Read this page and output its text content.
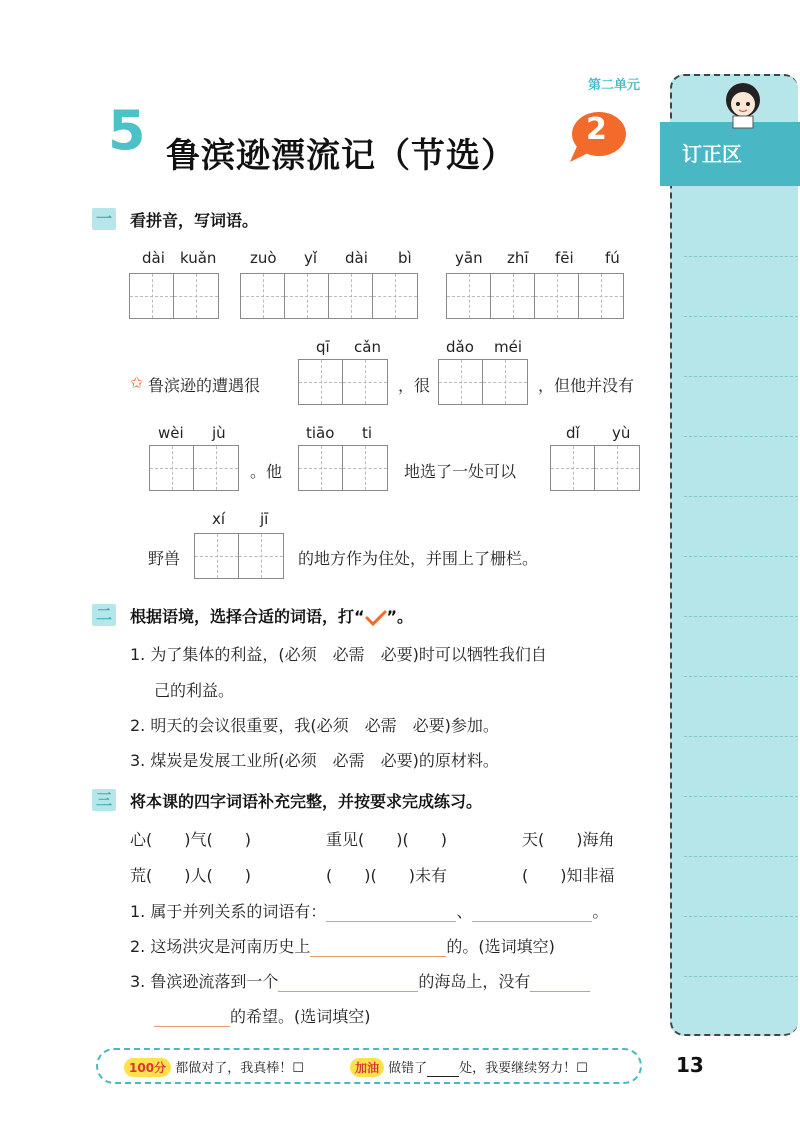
订正区
第二单元
5 鲁滨逊漂流记（节选）
2
一 看拼音，写词语。
dài kuǎn zuò yǐ dài bì	yān zhī fēi fú
qī cǎn	dǎo méi
✩ 鲁滨逊的遭遇很	，很	，但他并没有
wèi jù	tiāo ti	dǐ yù
。他	地选了一处可以
xí jī
野兽	的地方作为住处，并围上了栅栏。
二 根据语境，选择合适的词语，打“ ”。
1. 为了集体的利益，(必须　必需　必要)时可以牺牲我们自
己的利益。
2. 明天的会议很重要，我(必须　必需　必要)参加。
3. 煤炭是发展工业所(必须　必需　必要)的原材料。
三 将本课的四字词语补充完整，并按要求完成练习。
心(　　)气(　　)	重见(　　)(　　)	天(　　)海角
荒(　　)人(　　)	(　　)(　　)未有	(　　)知非福
1. 属于并列关系的词语有：	、	。
2. 这场洪灾是河南历史上	的。(选词填空)
3. 鲁滨逊流落到一个	的海岛上，没有
的希望。(选词填空)
100分 都做对了，我真棒！☐	加油 做错了 处，我要继续努力！☐	13
